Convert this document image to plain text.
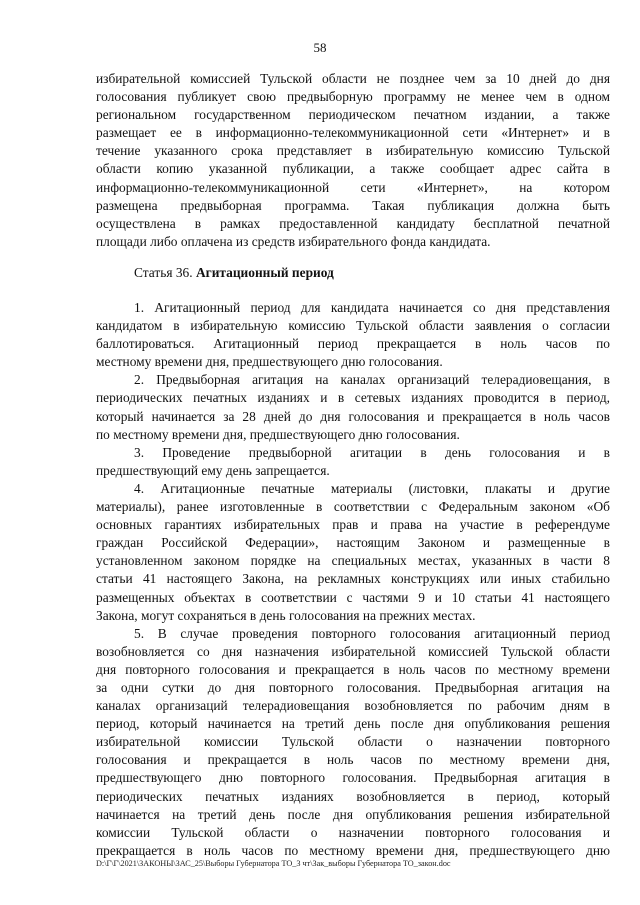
58
избирательной комиссией Тульской области не позднее чем за 10 дней до дня
голосования публикует свою предвыборную программу не менее чем в одном
региональном государственном периодическом печатном издании, а также
размещает ее в информационно-телекоммуникационной сети «Интернет» и в
течение указанного срока представляет в избирательную комиссию Тульской
области копию указанной публикации, а также сообщает адрес сайта в
информационно-телекоммуникационной сети «Интернет», на котором
размещена предвыборная программа. Такая публикация должна быть
осуществлена в рамках предоставленной кандидату бесплатной печатной
площади либо оплачена из средств избирательного фонда кандидата.
Статья 36. Агитационный период
1. Агитационный период для кандидата начинается со дня представления
кандидатом в избирательную комиссию Тульской области заявления о согласии
баллотироваться. Агитационный период прекращается в ноль часов по
местному времени дня, предшествующего дню голосования.
2. Предвыборная агитация на каналах организаций телерадиовещания, в
периодических печатных изданиях и в сетевых изданиях проводится в период,
который начинается за 28 дней до дня голосования и прекращается в ноль часов
по местному времени дня, предшествующего дню голосования.
3. Проведение предвыборной агитации в день голосования и в
предшествующий ему день запрещается.
4. Агитационные печатные материалы (листовки, плакаты и другие
материалы), ранее изготовленные в соответствии с Федеральным законом «Об
основных гарантиях избирательных прав и права на участие в референдуме
граждан Российской Федерации», настоящим Законом и размещенные в
установленном законом порядке на специальных местах, указанных в части 8
статьи 41 настоящего Закона, на рекламных конструкциях или иных стабильно
размещенных объектах в соответствии с частями 9 и 10 статьи 41 настоящего
Закона, могут сохраняться в день голосования на прежних местах.
5. В случае проведения повторного голосования агитационный период
возобновляется со дня назначения избирательной комиссией Тульской области
дня повторного голосования и прекращается в ноль часов по местному времени
за одни сутки до дня повторного голосования. Предвыборная агитация на
каналах организаций телерадиовещания возобновляется по рабочим дням в
период, который начинается на третий день после дня опубликования решения
избирательной комиссии Тульской области о назначении повторного
голосования и прекращается в ноль часов по местному времени дня,
предшествующего дню повторного голосования. Предвыборная агитация в
периодических печатных изданиях возобновляется в период, который
начинается на третий день после дня опубликования решения избирательной
комиссии Тульской области о назначении повторного голосования и
прекращается в ноль часов по местному времени дня, предшествующего дню
D:\Г\Г\2021\ЗАКОНЫ\ЗАС_25\Выборы Губернатора ТО_3 чт\Зак_выборы Губернатора ТО_закон.doc
